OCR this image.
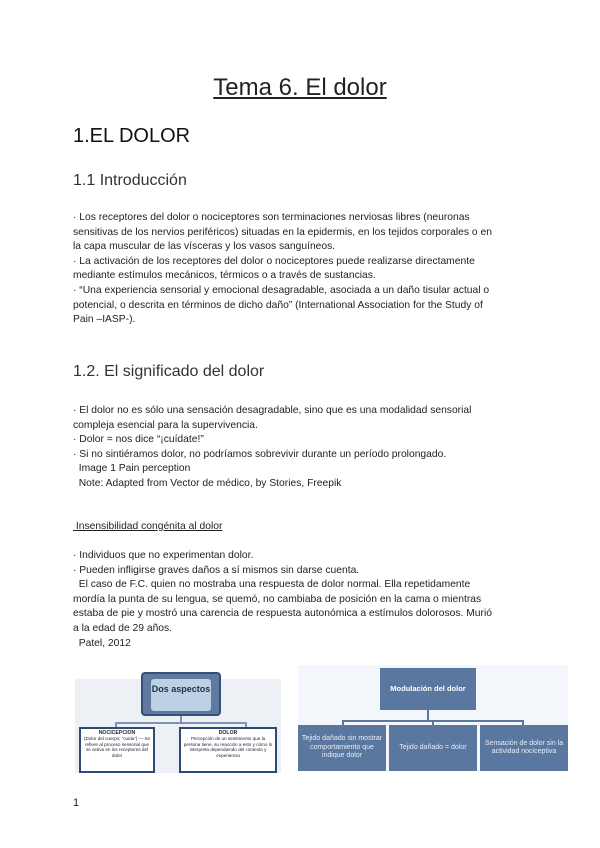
Tema 6. El dolor
1.EL DOLOR
1.1 Introducción

· Los receptores del dolor o nociceptores son terminaciones nerviosas libres (neuronas

sensitivas de los nervios periféricos) situadas en la epidermis, en los tejidos corporales o en

la capa muscular de las vísceras y los vasos sanguíneos.

· La activación de los receptores del dolor o nociceptores puede realizarse directamente

mediante estímulos mecánicos, térmicos o a través de sustancias.

· “Una experiencia sensorial y emocional desagradable, asociada a un daño tisular actual o

potencial, o descrita en términos de dicho daño” (International Association for the Study of

Pain –IASP-).

1.2. El significado del dolor

· El dolor no es sólo una sensación desagradable, sino que es una modalidad sensorial

compleja esencial para la supervivencia.

· Dolor = nos dice “¡cuídate!”

· Si no sintiéramos dolor, no podríamos sobrevivir durante un período prolongado.

Image 1 Pain perception

Note: Adapted from Vector de médico, by Stories, Freepik

Insensibilidad congénita al dolor

· Individuos que no experimentan dolor.

· Pueden infligirse graves daños a sí mismos sin darse cuenta.

El caso de F.C. quien no mostraba una respuesta de dolor normal. Ella repetidamente

mordía la punta de su lengua, se quemó, no cambiaba de posición en la cama o mientras

estaba de pie y mostró una carencia de respuesta autonómica a estímulos dolorosos. Murió

a la edad de 29 años.

Patel, 2012

Dos aspectos
NOCICEPCION
(Dolor del cuerpo; “cuida”) — Se refiere al proceso sensorial que se activa en los receptores del dolor
DOLOR
Percepción de un sentimiento que la persona tiene, su reacción a esto y cómo lo interpreta dependiendo del contexto y experiencia
Modulación del dolor
Tejido dañado sin mostrar comportamiento que indique dolor
Tejido dañado = dolor
Sensación de dolor sin la actividad nociceptiva
1
